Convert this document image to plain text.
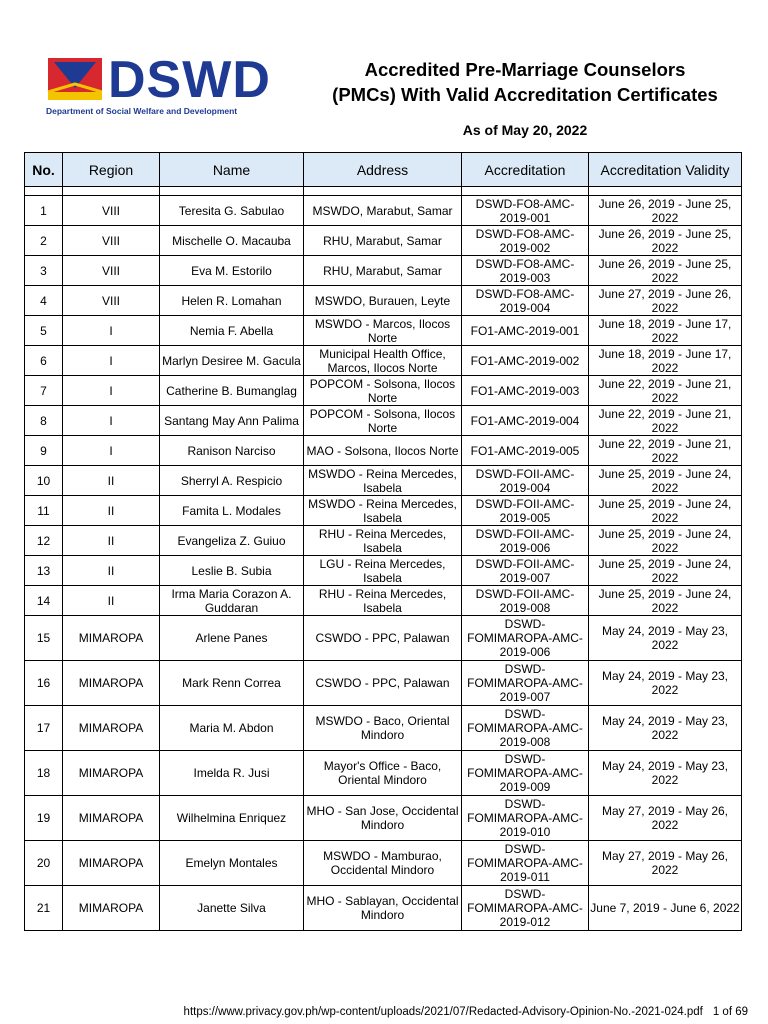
DSWD
Department of Social Welfare and Development
Accredited Pre-Marriage Counselors
(PMCs) With Valid Accreditation Certificates
As of May 20, 2022
No.	Region	Name	Address	Accreditation	Accreditation Validity

1	VIII	Teresita G. Sabulao	MSWDO, Marabut, Samar	DSWD-FO8-AMC-2019-001	June 26, 2019 - June 25, 2022
2	VIII	Mischelle O. Macauba	RHU, Marabut, Samar	DSWD-FO8-AMC-2019-002	June 26, 2019 - June 25, 2022
3	VIII	Eva M. Estorilo	RHU, Marabut, Samar	DSWD-FO8-AMC-2019-003	June 26, 2019 - June 25, 2022
4	VIII	Helen R. Lomahan	MSWDO, Burauen, Leyte	DSWD-FO8-AMC-2019-004	June 27, 2019 - June 26, 2022
5	I	Nemia F. Abella	MSWDO - Marcos, Ilocos Norte	FO1-AMC-2019-001	June 18, 2019 - June 17, 2022
6	I	Marlyn Desiree M. Gacula	Municipal Health Office, Marcos, Ilocos Norte	FO1-AMC-2019-002	June 18, 2019 - June 17, 2022
7	I	Catherine B. Bumanglag	POPCOM - Solsona, Ilocos Norte	FO1-AMC-2019-003	June 22, 2019 - June 21, 2022
8	I	Santang May Ann Palima	POPCOM - Solsona, Ilocos Norte	FO1-AMC-2019-004	June 22, 2019 - June 21, 2022
9	I	Ranison Narciso	MAO - Solsona, Ilocos Norte	FO1-AMC-2019-005	June 22, 2019 - June 21, 2022
10	II	Sherryl A. Respicio	MSWDO - Reina Mercedes, Isabela	DSWD-FOII-AMC-2019-004	June 25, 2019 - June 24, 2022
11	II	Famita L. Modales	MSWDO - Reina Mercedes, Isabela	DSWD-FOII-AMC-2019-005	June 25, 2019 - June 24, 2022
12	II	Evangeliza Z. Guiuo	RHU - Reina Mercedes, Isabela	DSWD-FOII-AMC-2019-006	June 25, 2019 - June 24, 2022
13	II	Leslie B. Subia	LGU - Reina Mercedes, Isabela	DSWD-FOII-AMC-2019-007	June 25, 2019 - June 24, 2022
14	II	Irma Maria Corazon A. Guddaran	RHU - Reina Mercedes, Isabela	DSWD-FOII-AMC-2019-008	June 25, 2019 - June 24, 2022
15	MIMAROPA	Arlene Panes	CSWDO - PPC, Palawan	DSWD-FOMIMAROPA-AMC-2019-006	May 24, 2019 - May 23, 2022
16	MIMAROPA	Mark Renn Correa	CSWDO - PPC, Palawan	DSWD-FOMIMAROPA-AMC-2019-007	May 24, 2019 - May 23, 2022
17	MIMAROPA	Maria M. Abdon	MSWDO - Baco, Oriental Mindoro	DSWD-FOMIMAROPA-AMC-2019-008	May 24, 2019 - May 23, 2022
18	MIMAROPA	Imelda R. Jusi	Mayor's Office - Baco, Oriental Mindoro	DSWD-FOMIMAROPA-AMC-2019-009	May 24, 2019 - May 23, 2022
19	MIMAROPA	Wilhelmina Enriquez	MHO - San Jose, Occidental Mindoro	DSWD-FOMIMAROPA-AMC-2019-010	May 27, 2019 - May 26, 2022
20	MIMAROPA	Emelyn Montales	MSWDO - Mamburao, Occidental Mindoro	DSWD-FOMIMAROPA-AMC-2019-011	May 27, 2019 - May 26, 2022
21	MIMAROPA	Janette Silva	MHO - Sablayan, Occidental Mindoro	DSWD-FOMIMAROPA-AMC-2019-012	June 7, 2019 - June 6, 2022
https://www.privacy.gov.ph/wp-content/uploads/2021/07/Redacted-Advisory-Opinion-No.-2021-024.pdf 1 of 69
